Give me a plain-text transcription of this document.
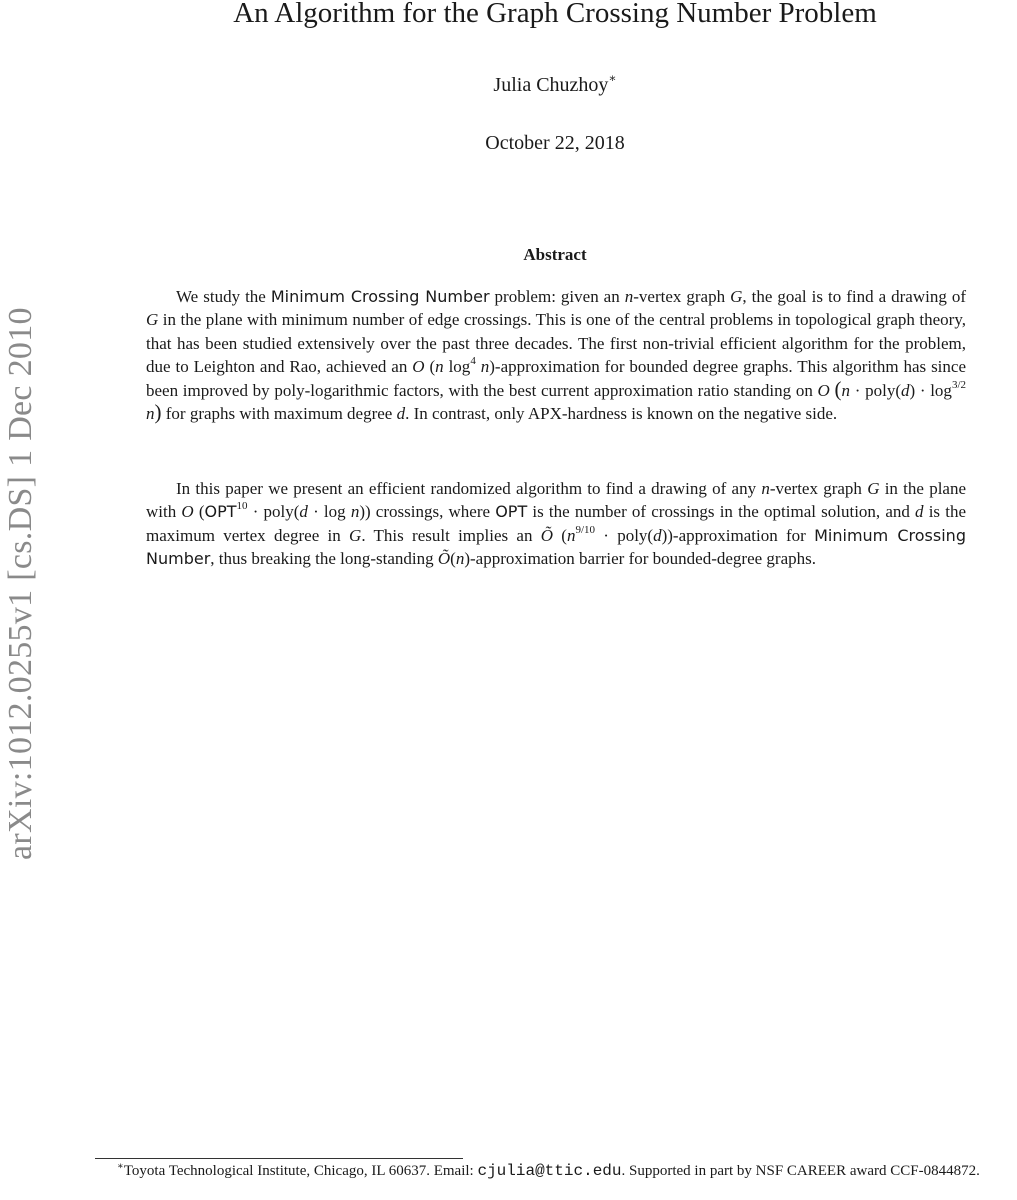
arXiv:1012.0255v1 [cs.DS] 1 Dec 2010
An Algorithm for the Graph Crossing Number Problem
Julia Chuzhoy∗
October 22, 2018
Abstract

We study the Minimum Crossing Number problem: given an n-vertex graph G, the goal is to find a drawing of G in the plane with minimum number of edge crossings. This is one of the central problems in topological graph theory, that has been studied extensively over the past three decades. The first non-trivial efficient algorithm for the problem, due to Leighton and Rao, achieved an O (n $\log^4$ n)-approximation for bounded degree graphs. This algorithm has since been improved by poly-logarithmic factors, with the best current approximation ratio standing on O (n · poly(d) · $\log^{3/2} n$) for graphs with maximum degree d. In contrast, only APX-hardness is known on the negative side.

In this paper we present an efficient randomized algorithm to find a drawing of any n-vertex graph G in the plane with O ($OPT^{10}$ · poly(d · log n)) crossings, where OPT is the number of crossings in the optimal solution, and d is the maximum vertex degree in G. This result implies an Õ ($n^{9/10}$ · poly(d))-approximation for Minimum Crossing Number, thus breaking the long-standing Õ(n)-approximation barrier for bounded-degree graphs.

∗Toyota Technological Institute, Chicago, IL 60637. Email: cjulia@ttic.edu. Supported in part by NSF CAREER award CCF-0844872.
